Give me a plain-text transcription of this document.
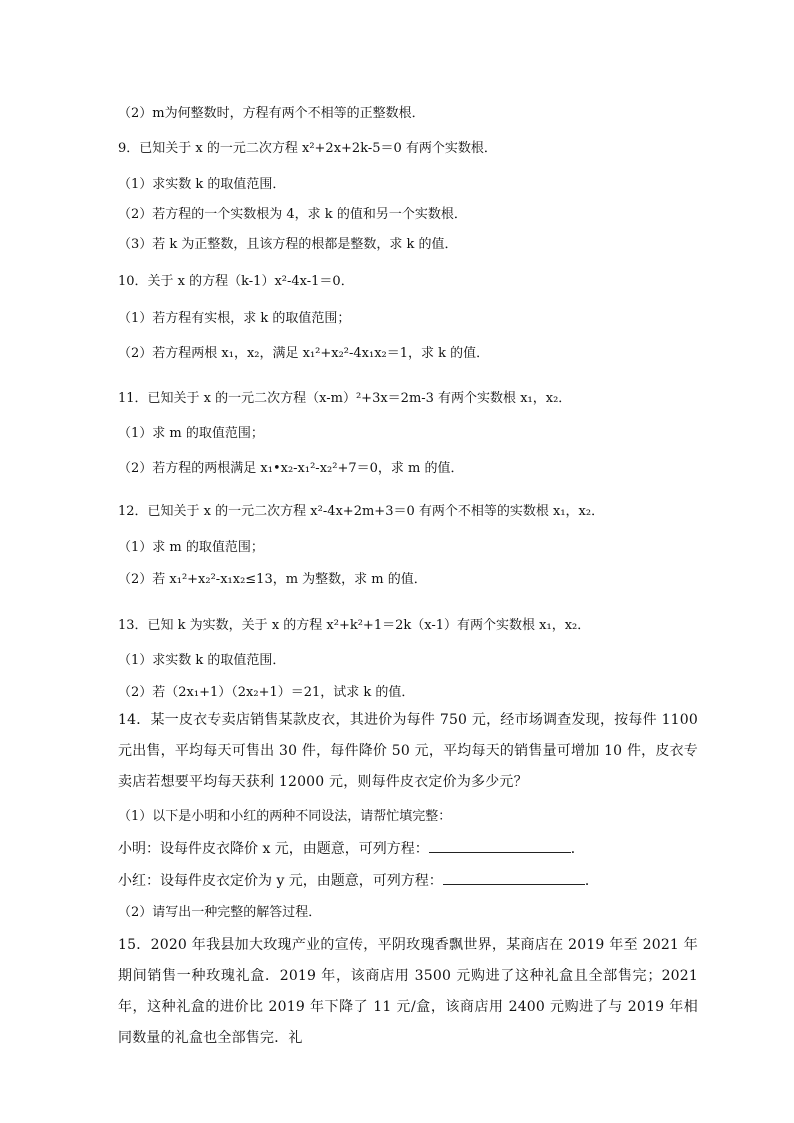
（2）m为何整数时，方程有两个不相等的正整数根．
9．已知关于 x 的一元二次方程 x²+2x+2k-5＝0 有两个实数根．
（1）求实数 k 的取值范围．
（2）若方程的一个实数根为 4，求 k 的值和另一个实数根．
（3）若 k 为正整数，且该方程的根都是整数，求 k 的值．
10．关于 x 的方程（k-1）x²-4x-1＝0．
（1）若方程有实根，求 k 的取值范围；
（2）若方程两根 x₁，x₂，满足 x₁²+x₂²-4x₁x₂＝1，求 k 的值．
11．已知关于 x 的一元二次方程（x-m）²+3x＝2m-3 有两个实数根 x₁，x₂．
（1）求 m 的取值范围；
（2）若方程的两根满足 x₁•x₂-x₁²-x₂²+7＝0，求 m 的值．
12．已知关于 x 的一元二次方程 x²-4x+2m+3＝0 有两个不相等的实数根 x₁，x₂．
（1）求 m 的取值范围；
（2）若 x₁²+x₂²-x₁x₂≤13，m 为整数，求 m 的值．
13．已知 k 为实数，关于 x 的方程 x²+k²+1＝2k（x-1）有两个实数根 x₁，x₂．
（1）求实数 k 的取值范围．
（2）若（2x₁+1）（2x₂+1）＝21，试求 k 的值．
14．某一皮衣专卖店销售某款皮衣，其进价为每件 750 元，经市场调查发现，按每件 1100 元出售，平均每天可售出 30 件，每件降价 50 元，平均每天的销售量可增加 10 件，皮衣专卖店若想要平均每天获利 12000 元，则每件皮衣定价为多少元？
（1）以下是小明和小红的两种不同设法，请帮忙填完整：
小明：设每件皮衣降价 x 元，由题意，可列方程：	．
小红：设每件皮衣定价为 y 元，由题意，可列方程：	．
（2）请写出一种完整的解答过程．
15．2020 年我县加大玫瑰产业的宣传，平阴玫瑰香飘世界，某商店在 2019 年至 2021 年期间销售一种玫瑰礼盒．2019 年，该商店用 3500 元购进了这种礼盒且全部售完；2021 年，这种礼盒的进价比 2019 年下降了 11 元/盒，该商店用 2400 元购进了与 2019 年相同数量的礼盒也全部售完．礼
